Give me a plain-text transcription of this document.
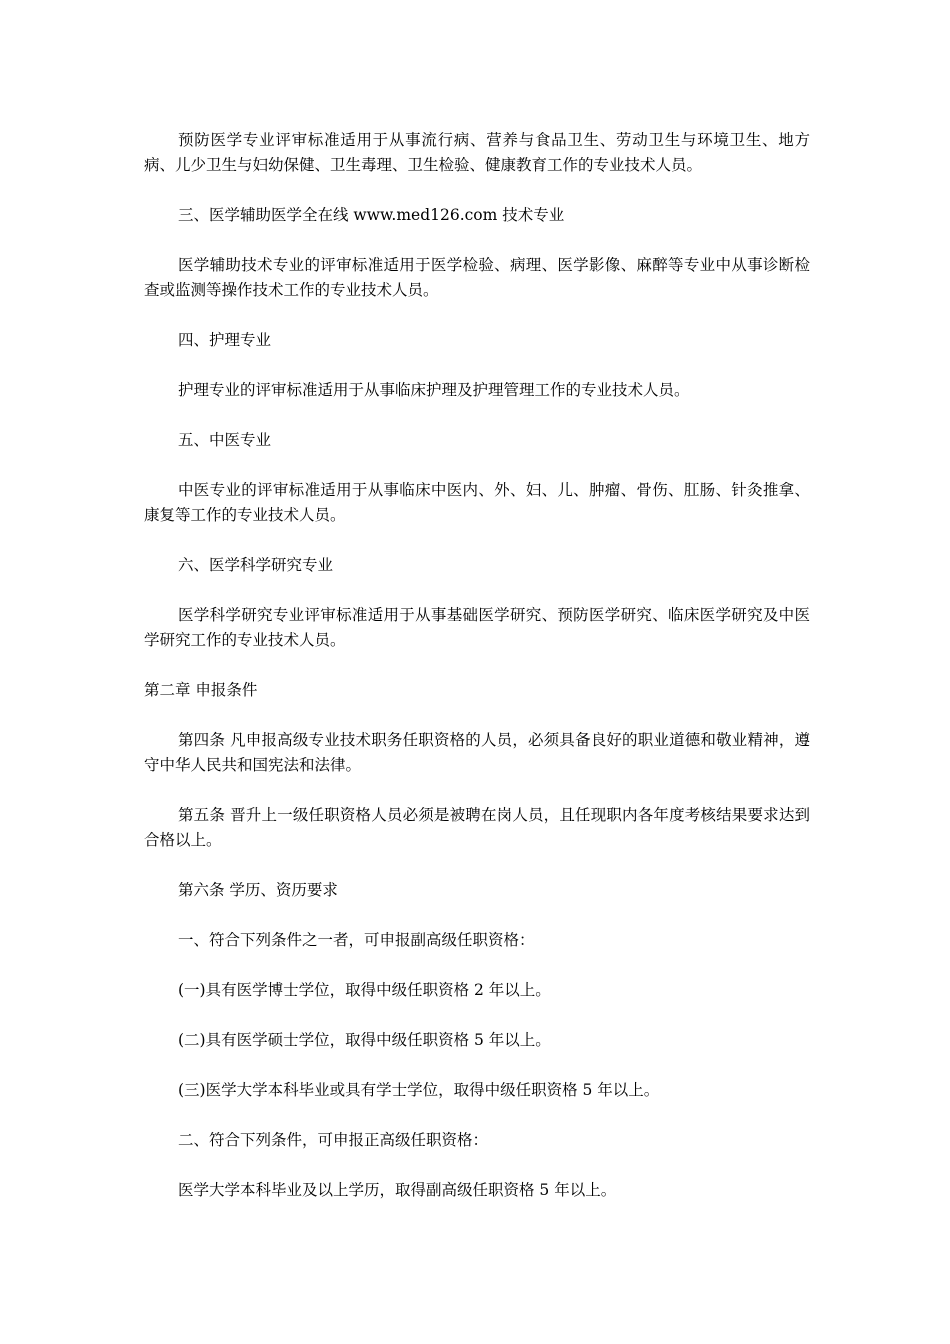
预防医学专业评审标准适用于从事流行病、营养与食品卫生、劳动卫生与环境卫生、地方病、儿少卫生与妇幼保健、卫生毒理、卫生检验、健康教育工作的专业技术人员。

三、医学辅助医学全在线 www.med126.com 技术专业

医学辅助技术专业的评审标准适用于医学检验、病理、医学影像、麻醉等专业中从事诊断检查或监测等操作技术工作的专业技术人员。

四、护理专业

护理专业的评审标准适用于从事临床护理及护理管理工作的专业技术人员。

五、中医专业

中医专业的评审标准适用于从事临床中医内、外、妇、儿、肿瘤、骨伤、肛肠、针灸推拿、康复等工作的专业技术人员。

六、医学科学研究专业

医学科学研究专业评审标准适用于从事基础医学研究、预防医学研究、临床医学研究及中医学研究工作的专业技术人员。

第二章 申报条件

第四条 凡申报高级专业技术职务任职资格的人员，必须具备良好的职业道德和敬业精神，遵守中华人民共和国宪法和法律。

第五条 晋升上一级任职资格人员必须是被聘在岗人员，且任现职内各年度考核结果要求达到合格以上。

第六条 学历、资历要求

一、符合下列条件之一者，可申报副高级任职资格：

(一)具有医学博士学位，取得中级任职资格 2 年以上。

(二)具有医学硕士学位，取得中级任职资格 5 年以上。

(三)医学大学本科毕业或具有学士学位，取得中级任职资格 5 年以上。

二、符合下列条件，可申报正高级任职资格：

医学大学本科毕业及以上学历，取得副高级任职资格 5 年以上。
